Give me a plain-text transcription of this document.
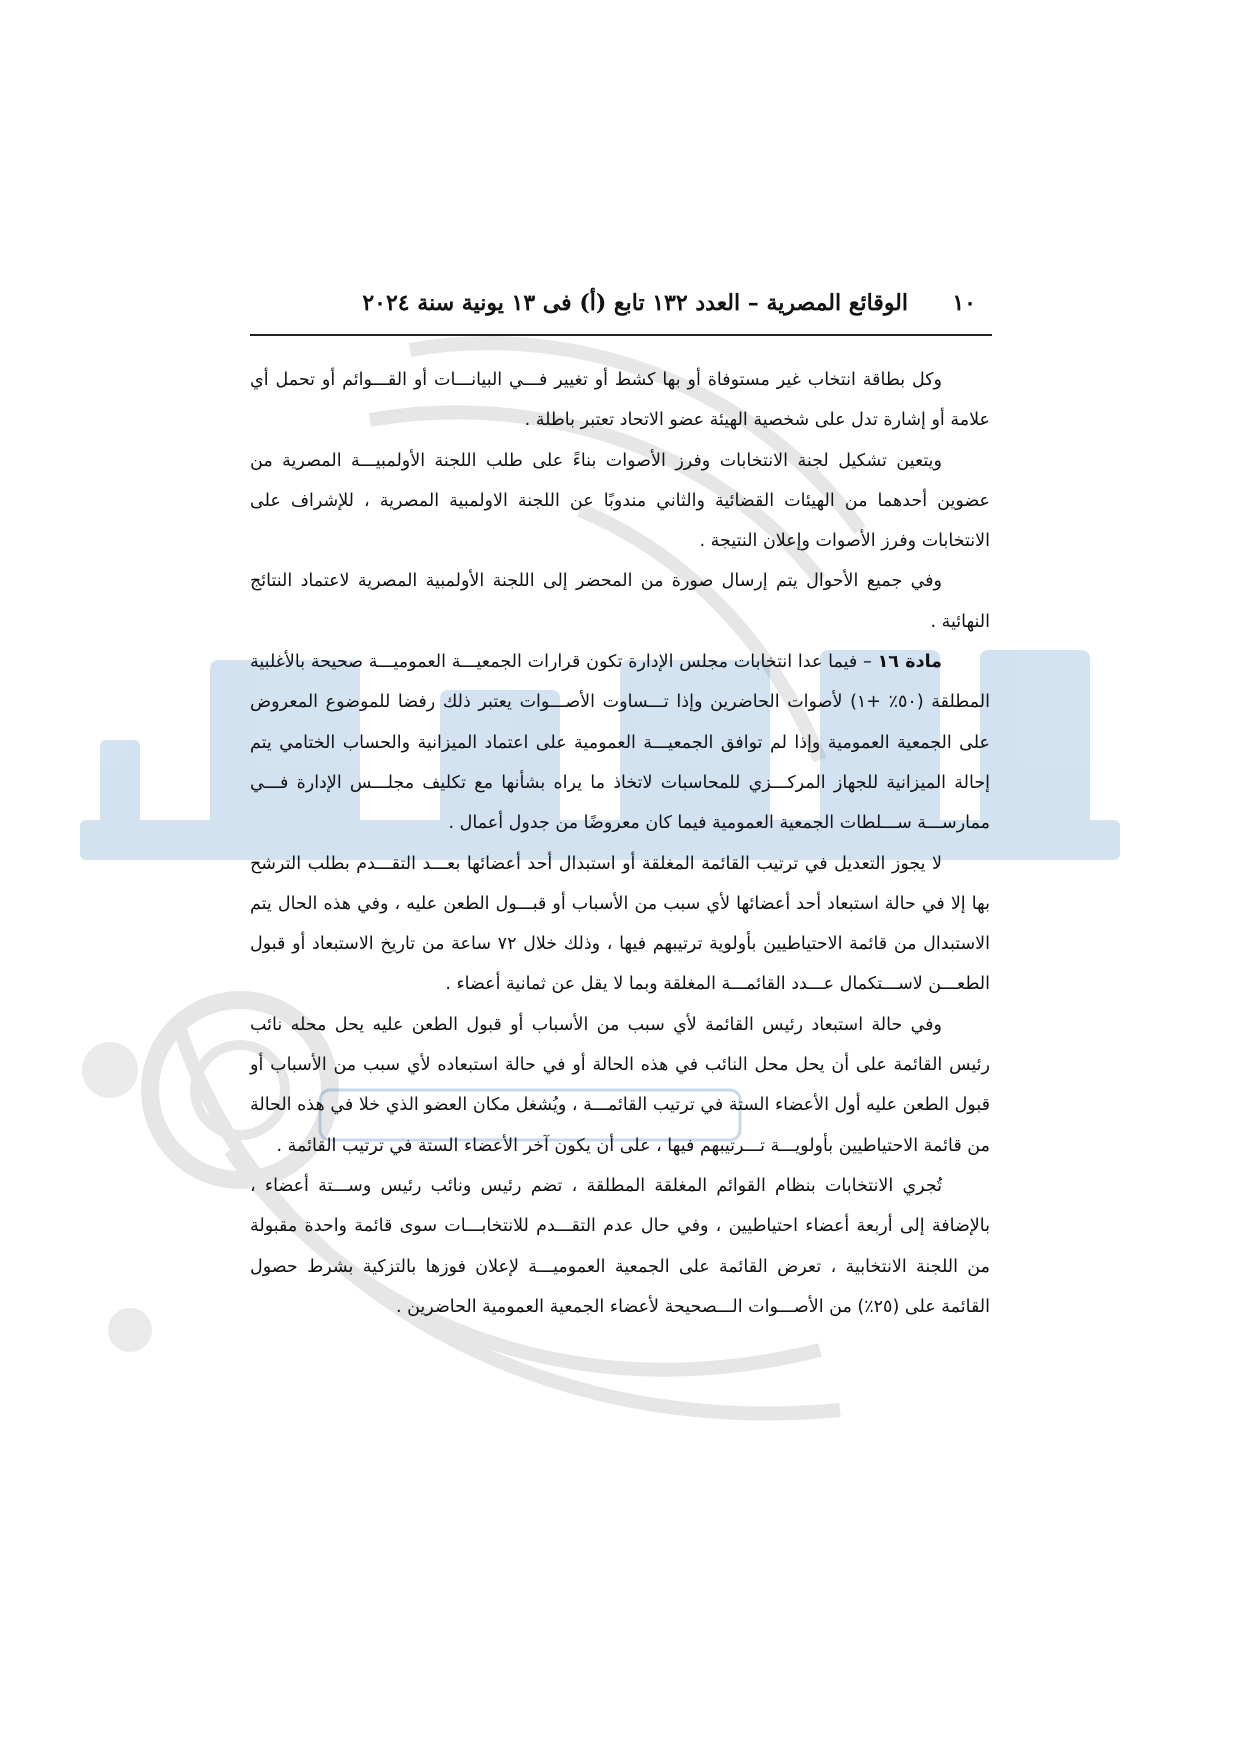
١٠
الوقائع المصرية – العدد ١٣٢ تابع (أ) فى ١٣ يونية سنة ٢٠٢٤

وكل بطاقة انتخاب غير مستوفاة أو بها كشط أو تغيير فـــي البيانـــات أو القـــوائم أو تحمل أي علامة أو إشارة تدل على شخصية الهيئة عضو الاتحاد تعتبر باطلة .

ويتعين تشكيل لجنة الانتخابات وفرز الأصوات بناءً على طلب اللجنة الأولمبيـــة المصرية من عضوين أحدهما من الهيئات القضائية والثاني مندوبًا عن اللجنة الاولمبية المصرية ، للإشراف على الانتخابات وفرز الأصوات وإعلان النتيجة .

وفي جميع الأحوال يتم إرسال صورة من المحضر إلى اللجنة الأولمبية المصرية لاعتماد النتائج النهائية .

مادة ١٦ – فيما عدا انتخابات مجلس الإدارة تكون قرارات الجمعيـــة العموميـــة صحيحة بالأغلبية المطلقة (٥٠٪ +١) لأصوات الحاضرين وإذا تـــساوت الأصـــوات يعتبر ذلك رفضا للموضوع المعروض على الجمعية العمومية وإذا لم توافق الجمعيـــة العمومية على اعتماد الميزانية والحساب الختامي يتم إحالة الميزانية للجهاز المركـــزي للمحاسبات لاتخاذ ما يراه بشأنها مع تكليف مجلـــس الإدارة فـــي ممارســـة ســـلطات الجمعية العمومية فيما كان معروضًا من جدول أعمال .

لا يجوز التعديل في ترتيب القائمة المغلقة أو استبدال أحد أعضائها بعـــد التقـــدم بطلب الترشح بها إلا في حالة استبعاد أحد أعضائها لأي سبب من الأسباب أو قبـــول الطعن عليه ، وفي هذه الحال يتم الاستبدال من قائمة الاحتياطيين بأولوية ترتيبهم فيها ، وذلك خلال ٧٢ ساعة من تاريخ الاستبعاد أو قبول الطعـــن لاســـتكمال عـــدد القائمـــة المغلقة وبما لا يقل عن ثمانية أعضاء .

وفي حالة استبعاد رئيس القائمة لأي سبب من الأسباب أو قبول الطعن عليه يحل محله نائب رئيس القائمة على أن يحل محل النائب في هذه الحالة أو في حالة استبعاده لأي سبب من الأسباب أو قبول الطعن عليه أول الأعضاء الستة في ترتيب القائمـــة ، ويُشغل مكان العضو الذي خلا في هذه الحالة من قائمة الاحتياطيين بأولويـــة تـــرتيبهم فيها ، على أن يكون آخر الأعضاء الستة في ترتيب القائمة .

تُجري الانتخابات بنظام القوائم المغلقة المطلقة ، تضم رئيس ونائب رئيس وســـتة أعضاء ، بالإضافة إلى أربعة أعضاء احتياطيين ، وفي حال عدم التقـــدم للانتخابـــات سوى قائمة واحدة مقبولة من اللجنة الانتخابية ، تعرض القائمة على الجمعية العموميـــة لإعلان فوزها بالتزكية بشرط حصول القائمة على (٢٥٪) من الأصـــوات الـــصحيحة لأعضاء الجمعية العمومية الحاضرين .
